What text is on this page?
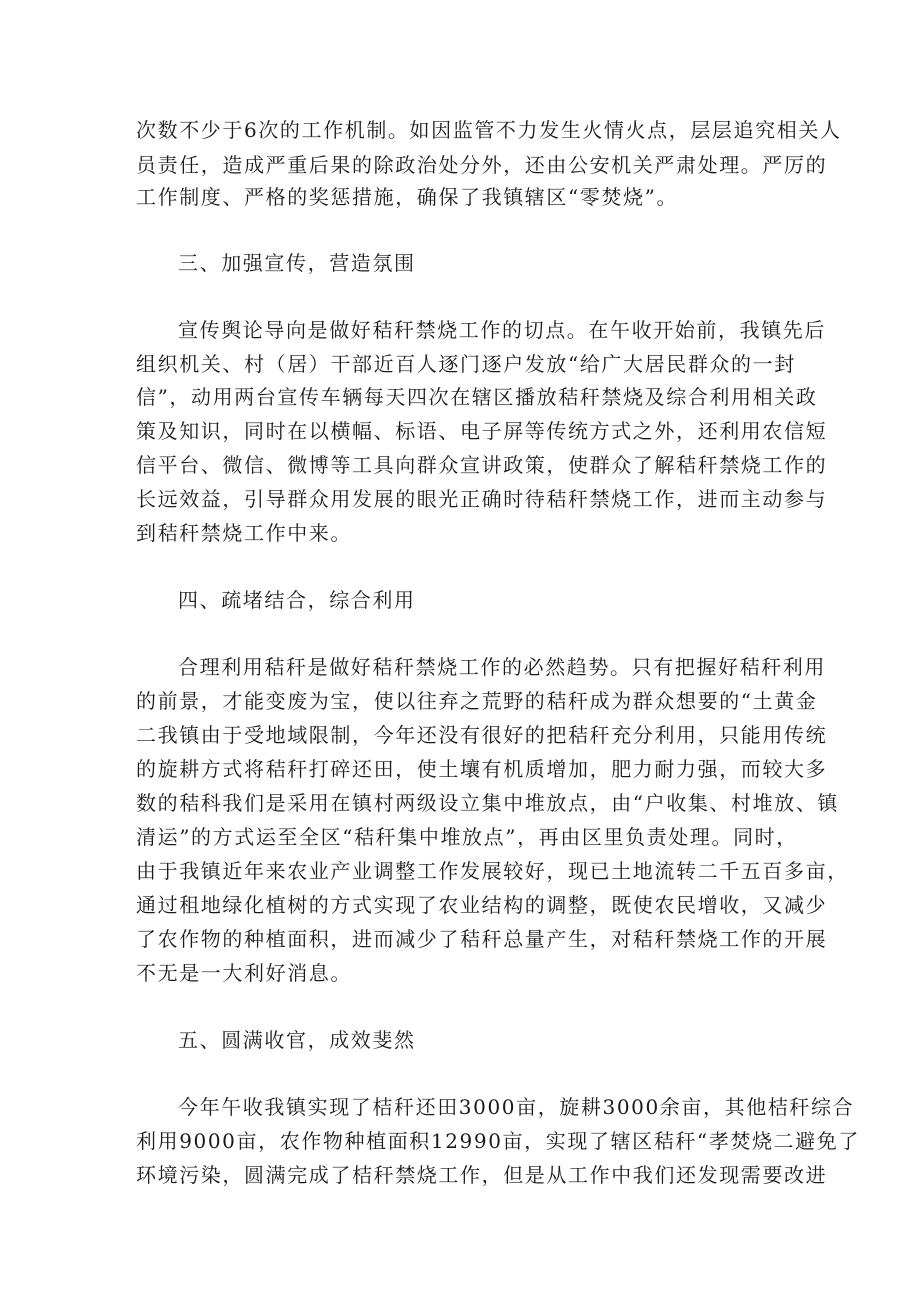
次数不少于6次的工作机制。如因监管不力发生火情火点，层层追究相关人
员责任，造成严重后果的除政治处分外，还由公安机关严肃处理。严厉的
工作制度、严格的奖惩措施，确保了我镇辖区“零焚烧”。
三、加强宣传，营造氛围
宣传舆论导向是做好秸秆禁烧工作的切点。在午收开始前，我镇先后
组织机关、村（居）干部近百人逐门逐户发放“给广大居民群众的一封
信”，动用两台宣传车辆每天四次在辖区播放秸秆禁烧及综合利用相关政
策及知识，同时在以横幅、标语、电子屏等传统方式之外，还利用农信短
信平台、微信、微博等工具向群众宣讲政策，使群众了解秸秆禁烧工作的
长远效益，引导群众用发展的眼光正确时待秸秆禁烧工作，进而主动参与
到秸秆禁烧工作中来。
四、疏堵结合，综合利用
合理利用秸秆是做好秸秆禁烧工作的必然趋势。只有把握好秸秆利用
的前景，才能变废为宝，使以往弃之荒野的秸秆成为群众想要的“土黄金
二我镇由于受地域限制，今年还没有很好的把秸秆充分利用，只能用传统
的旋耕方式将秸秆打碎还田，使土壤有机质增加，肥力耐力强，而较大多
数的秸科我们是采用在镇村两级设立集中堆放点，由“户收集、村堆放、镇
清运”的方式运至全区“秸秆集中堆放点”，再由区里负责处理。同时，
由于我镇近年来农业产业调整工作发展较好，现已土地流转二千五百多亩，
通过租地绿化植树的方式实现了农业结构的调整，既使农民增收，又减少
了农作物的种植面积，进而减少了秸秆总量产生，对秸秆禁烧工作的开展
不无是一大利好消息。
五、圆满收官，成效斐然
今年午收我镇实现了桔秆还田3000亩，旋耕3000余亩，其他桔秆综合
利用9000亩，农作物种植面积12990亩，实现了辖区秸秆“孝焚烧二避免了
环境污染，圆满完成了桔秆禁烧工作，但是从工作中我们还发现需要改进
